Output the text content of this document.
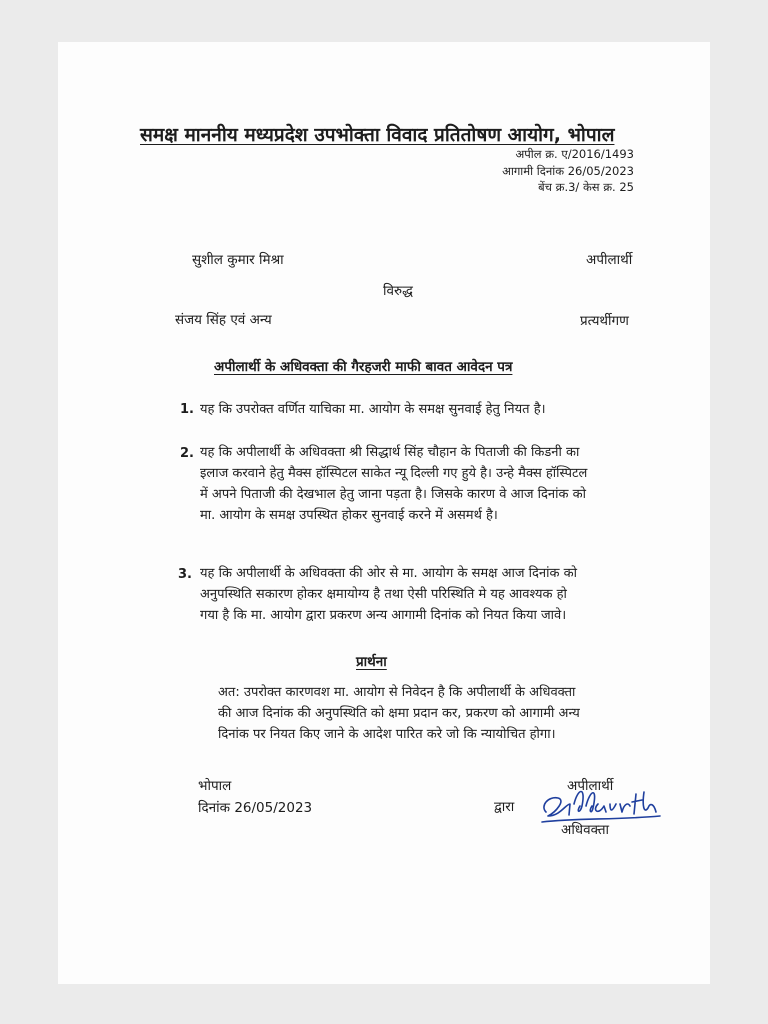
समक्ष माननीय मध्यप्रदेश उपभोक्ता विवाद प्रतितोषण आयोग, भोपाल
अपील क्र. ए/2016/1493
आगामी दिनांक 26/05/2023
बेंच क्र.3/ केस क्र. 25
सुशील कुमार मिश्रा	अपीलार्थी
विरुद्ध
संजय सिंह एवं अन्य	प्रत्यर्थीगण
अपीलार्थी के अधिवक्ता की गैरहजरी माफी बावत आवेदन पत्र
1. यह कि उपरोक्त वर्णित याचिका मा. आयोग के समक्ष सुनवाई हेतु नियत है।
2. यह कि अपीलार्थी के अधिवक्ता श्री सिद्धार्थ सिंह चौहान के पिताजी की किडनी का
इलाज करवाने हेतु मैक्स हॉस्पिटल साकेत न्यू दिल्ली गए हुये है। उन्हे मैक्स हॉस्पिटल
में अपने पिताजी की देखभाल हेतु जाना पड़ता है। जिसके कारण वे आज दिनांक को
मा. आयोग के समक्ष उपस्थित होकर सुनवाई करने में असमर्थ है।
3. यह कि अपीलार्थी के अधिवक्ता की ओर से मा. आयोग के समक्ष आज दिनांक को
अनुपस्थिति सकारण होकर क्षमायोग्य है तथा ऐसी परिस्थिति मे यह आवश्यक हो
गया है कि मा. आयोग द्वारा प्रकरण अन्य आगामी दिनांक को नियत किया जावे।
प्रार्थना
अत: उपरोक्त कारणवश मा. आयोग से निवेदन है कि अपीलार्थी के अधिवक्ता
की आज दिनांक की अनुपस्थिति को क्षमा प्रदान कर, प्रकरण को आगामी अन्य
दिनांक पर नियत किए जाने के आदेश पारित करे जो कि न्यायोचित होगा।
भोपाल
दिनांक 26/05/2023	द्वारा
अपीलार्थी
अधिवक्ता
